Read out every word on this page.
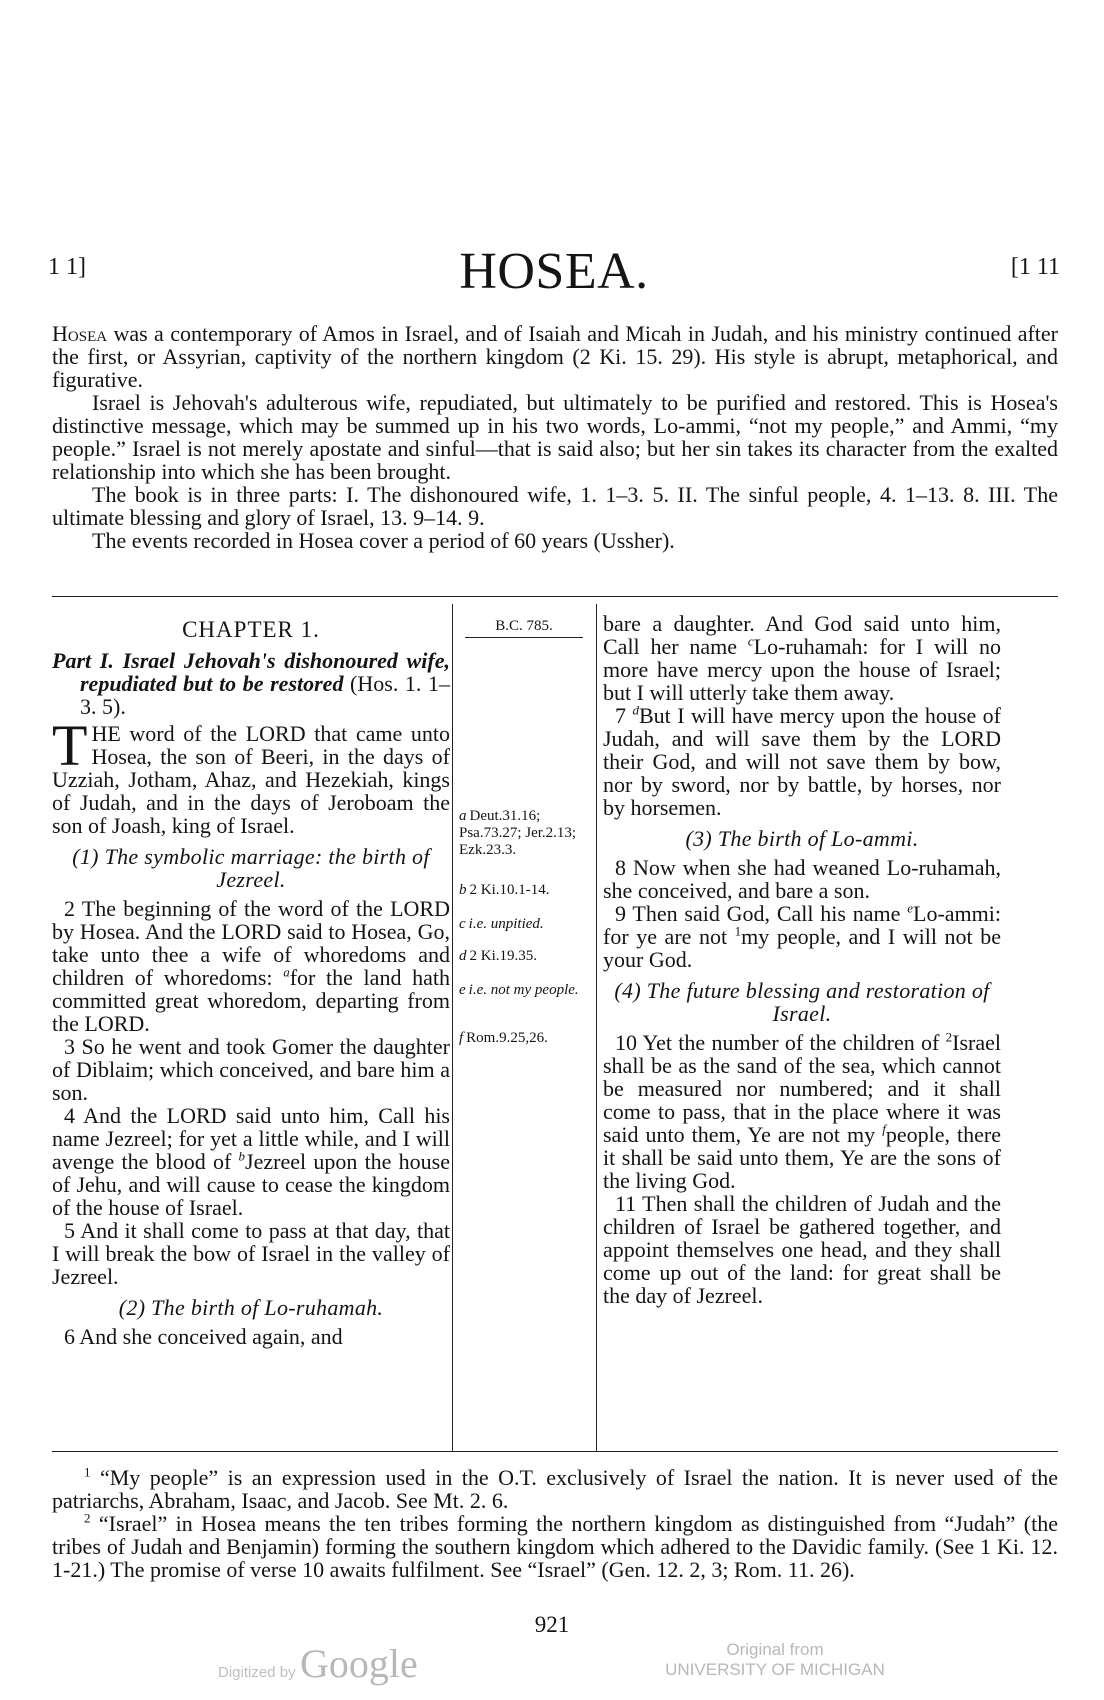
1 1]	HOSEA.	[1 11

Hosea was a contemporary of Amos in Israel, and of Isaiah and Micah in Judah, and his ministry continued after the first, or Assyrian, captivity of the northern kingdom (2 Ki. 15. 29). His style is abrupt, metaphorical, and figurative.

Israel is Jehovah's adulterous wife, repudiated, but ultimately to be purified and restored. This is Hosea's distinctive message, which may be summed up in his two words, Lo-ammi, “not my people,” and Ammi, “my people.” Israel is not merely apostate and sinful—that is said also; but her sin takes its character from the exalted relationship into which she has been brought.

The book is in three parts: I. The dishonoured wife, 1. 1–3. 5. II. The sinful people, 4. 1–13. 8. III. The ultimate blessing and glory of Israel, 13. 9–14. 9.

The events recorded in Hosea cover a period of 60 years (Ussher).

CHAPTER 1.

Part I. Israel Jehovah's dishonoured wife, repudiated but to be restored (Hos. 1. 1–3. 5).

THE word of the LORD that came unto Hosea, the son of Beeri, in the days of Uzziah, Jotham, Ahaz, and Hezekiah, kings of Judah, and in the days of Jeroboam the son of Joash, king of Israel.

(1) The symbolic marriage: the birth of Jezreel.

2 The beginning of the word of the LORD by Hosea. And the LORD said to Hosea, Go, take unto thee a wife of whoredoms and children of whoredoms: $^a$for the land hath committed great whoredom, departing from the LORD.

3 So he went and took Gomer the daughter of Diblaim; which conceived, and bare him a son.

4 And the LORD said unto him, Call his name Jezreel; for yet a little while, and I will avenge the blood of $^b$Jezreel upon the house of Jehu, and will cause to cease the kingdom of the house of Israel.

5 And it shall come to pass at that day, that I will break the bow of Israel in the valley of Jezreel.

(2) The birth of Lo-ruhamah.

6 And she conceived again, and

B.C. 785.
a Deut.31.16; Psa.73.27; Jer.2.13; Ezk.23.3.
b 2 Ki.10.1-14.
c i.e. unpitied.
d 2 Ki.19.35.
e i.e. not my people.
f Rom.9.25,26.

bare a daughter. And God said unto him, Call her name $^c$Lo-ruhamah: for I will no more have mercy upon the house of Israel; but I will utterly take them away.

7 $^d$But I will have mercy upon the house of Judah, and will save them by the LORD their God, and will not save them by bow, nor by sword, nor by battle, by horses, nor by horsemen.

(3) The birth of Lo-ammi.

8 Now when she had weaned Lo-ruhamah, she conceived, and bare a son.

9 Then said God, Call his name $^e$Lo-ammi: for ye are not $^1$my people, and I will not be your God.

(4) The future blessing and restoration of Israel.

10 Yet the number of the children of $^2$Israel shall be as the sand of the sea, which cannot be measured nor numbered; and it shall come to pass, that in the place where it was said unto them, Ye are not my $^f$people, there it shall be said unto them, Ye are the sons of the living God.

11 Then shall the children of Judah and the children of Israel be gathered together, and appoint themselves one head, and they shall come up out of the land: for great shall be the day of Jezreel.

$^1$ “My people” is an expression used in the O.T. exclusively of Israel the nation. It is never used of the patriarchs, Abraham, Isaac, and Jacob. See Mt. 2. 6.

$^2$ “Israel” in Hosea means the ten tribes forming the northern kingdom as distinguished from “Judah” (the tribes of Judah and Benjamin) forming the southern kingdom which adhered to the Davidic family. (See 1 Ki. 12. 1-21.) The promise of verse 10 awaits fulfilment. See “Israel” (Gen. 12. 2, 3; Rom. 11. 26).

921
Digitized by Google	Original from
UNIVERSITY OF MICHIGAN
